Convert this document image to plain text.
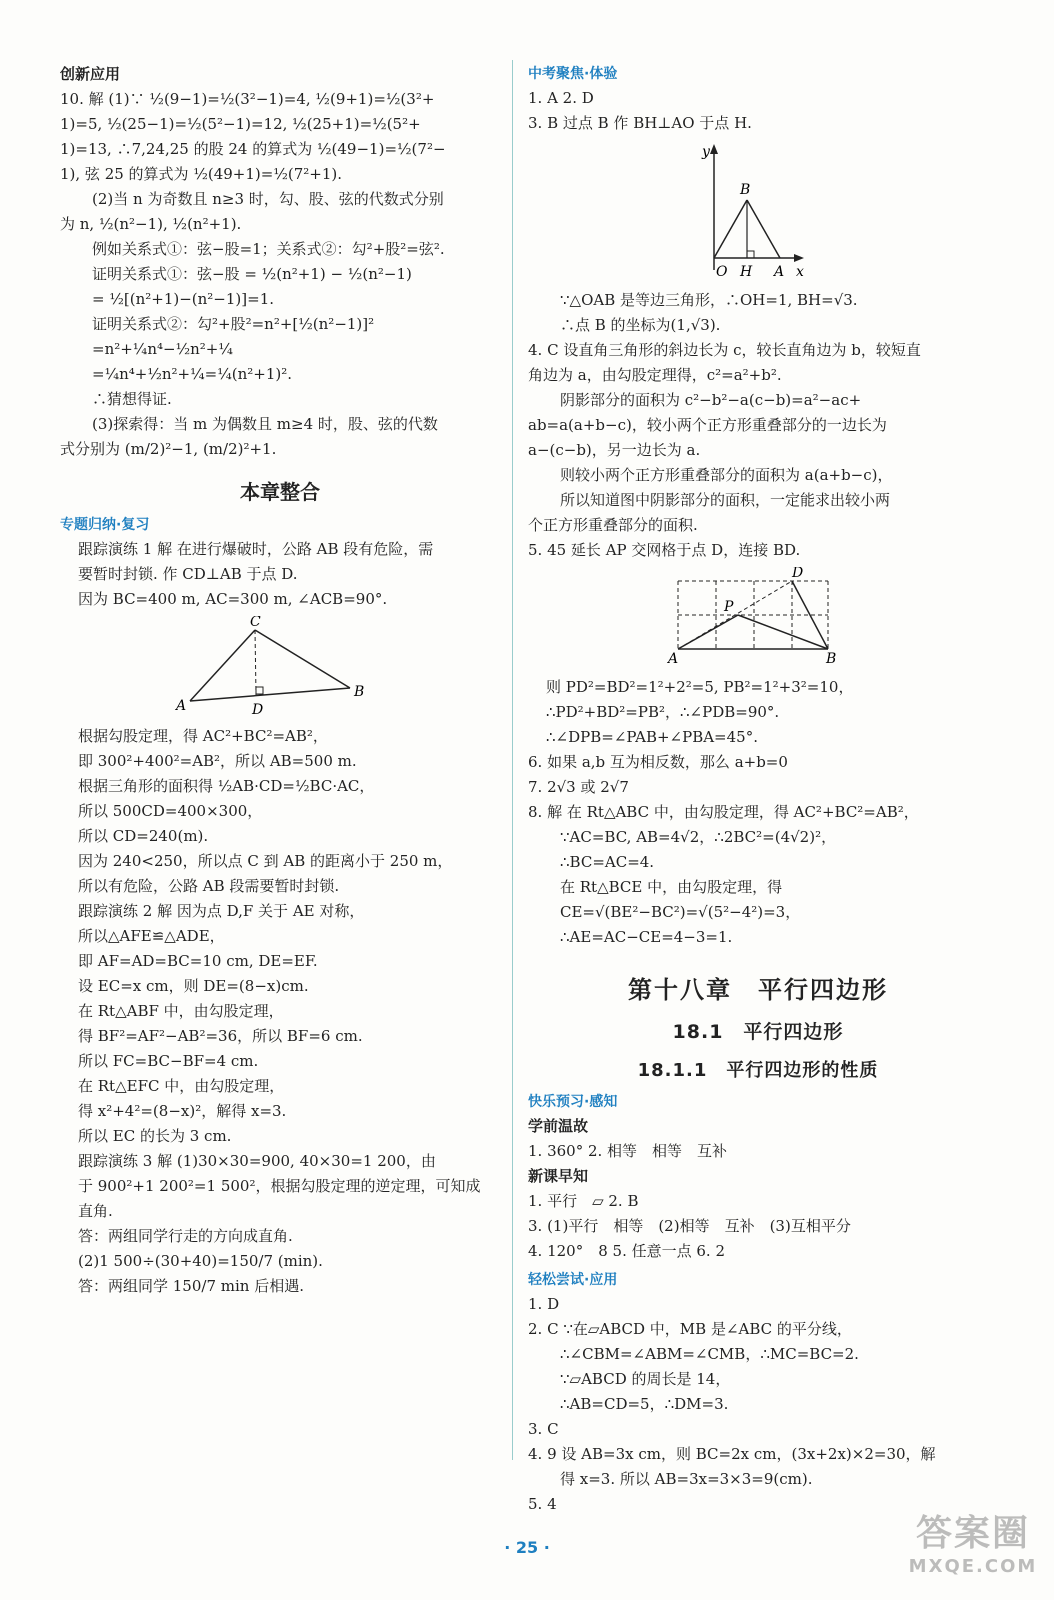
创新应用

10. 解 (1)∵ ½(9−1)=½(3²−1)=4, ½(9+1)=½(3²+

1)=5, ½(25−1)=½(5²−1)=12, ½(25+1)=½(5²+

1)=13, ∴7,24,25 的股 24 的算式为 ½(49−1)=½(7²−

1), 弦 25 的算式为 ½(49+1)=½(7²+1).

(2)当 n 为奇数且 n≥3 时，勾、股、弦的代数式分别

为 n, ½(n²−1), ½(n²+1).

例如关系式①：弦−股=1；关系式②：勾²+股²=弦².

证明关系式①：弦−股 = ½(n²+1) − ½(n²−1)

= ½[(n²+1)−(n²−1)]=1.

证明关系式②：勾²+股²=n²+[½(n²−1)]²

=n²+¼n⁴−½n²+¼

=¼n⁴+½n²+¼=¼(n²+1)².

∴猜想得证.

(3)探索得：当 m 为偶数且 m≥4 时，股、弦的代数

式分别为 (m/2)²−1, (m/2)²+1.

本章整合
专题归纳·复习

跟踪演练 1 解 在进行爆破时，公路 AB 段有危险，需

要暂时封锁. 作 CD⊥AB 于点 D.

因为 BC=400 m, AC=300 m, ∠ACB=90°.

C
A
B
D

根据勾股定理，得 AC²+BC²=AB²，

即 300²+400²=AB²，所以 AB=500 m.

根据三角形的面积得 ½AB·CD=½BC·AC，

所以 500CD=400×300，

所以 CD=240(m).

因为 240<250，所以点 C 到 AB 的距离小于 250 m，

所以有危险，公路 AB 段需要暂时封锁.

跟踪演练 2 解 因为点 D,F 关于 AE 对称，

所以△AFE≌△ADE，

即 AF=AD=BC=10 cm, DE=EF.

设 EC=x cm，则 DE=(8−x)cm.

在 Rt△ABF 中，由勾股定理，

得 BF²=AF²−AB²=36，所以 BF=6 cm.

所以 FC=BC−BF=4 cm.

在 Rt△EFC 中，由勾股定理，

得 x²+4²=(8−x)²，解得 x=3.

所以 EC 的长为 3 cm.

跟踪演练 3 解 (1)30×30=900, 40×30=1 200，由

于 900²+1 200²=1 500²，根据勾股定理的逆定理，可知成

直角.

答：两组同学行走的方向成直角.

(2)1 500÷(30+40)=150/7 (min).

答：两组同学 150/7 min 后相遇.

中考聚焦·体验

1. A 2. D

3. B 过点 B 作 BH⊥AO 于点 H.

y
B
O H A x

∵△OAB 是等边三角形，∴OH=1, BH=√3.

∴点 B 的坐标为(1,√3).

4. C 设直角三角形的斜边长为 c，较长直角边为 b，较短直

角边为 a，由勾股定理得，c²=a²+b².

阴影部分的面积为 c²−b²−a(c−b)=a²−ac+

ab=a(a+b−c)，较小两个正方形重叠部分的一边长为

a−(c−b)，另一边长为 a.

则较小两个正方形重叠部分的面积为 a(a+b−c)，

所以知道图中阴影部分的面积，一定能求出较小两

个正方形重叠部分的面积.

5. 45 延长 AP 交网格于点 D，连接 BD.

D
P
A	B

则 PD²=BD²=1²+2²=5, PB²=1²+3²=10，

∴PD²+BD²=PB²，∴∠PDB=90°.

∴∠DPB=∠PAB+∠PBA=45°.

6. 如果 a,b 互为相反数，那么 a+b=0

7. 2√3 或 2√7

8. 解 在 Rt△ABC 中，由勾股定理，得 AC²+BC²=AB²，

∵AC=BC, AB=4√2，∴2BC²=(4√2)²，

∴BC=AC=4.

在 Rt△BCE 中，由勾股定理，得

CE=√(BE²−BC²)=√(5²−4²)=3，

∴AE=AC−CE=4−3=1.

第十八章　平行四边形
18.1　平行四边形
18.1.1　平行四边形的性质
快乐预习·感知

学前温故

1. 360° 2. 相等　相等　互补

新课早知

1. 平行　▱ 2. B

3. (1)平行　相等　(2)相等　互补　(3)互相平分

4. 120°　8 5. 任意一点 6. 2

轻松尝试·应用

1. D

2. C ∵在▱ABCD 中，MB 是∠ABC 的平分线，

∴∠CBM=∠ABM=∠CMB，∴MC=BC=2.

∵▱ABCD 的周长是 14，

∴AB=CD=5，∴DM=3.

3. C

4. 9 设 AB=3x cm，则 BC=2x cm，(3x+2x)×2=30，解

得 x=3. 所以 AB=3x=3×3=9(cm).

5. 4

· 25 ·	答案圈
MXQE.COM
